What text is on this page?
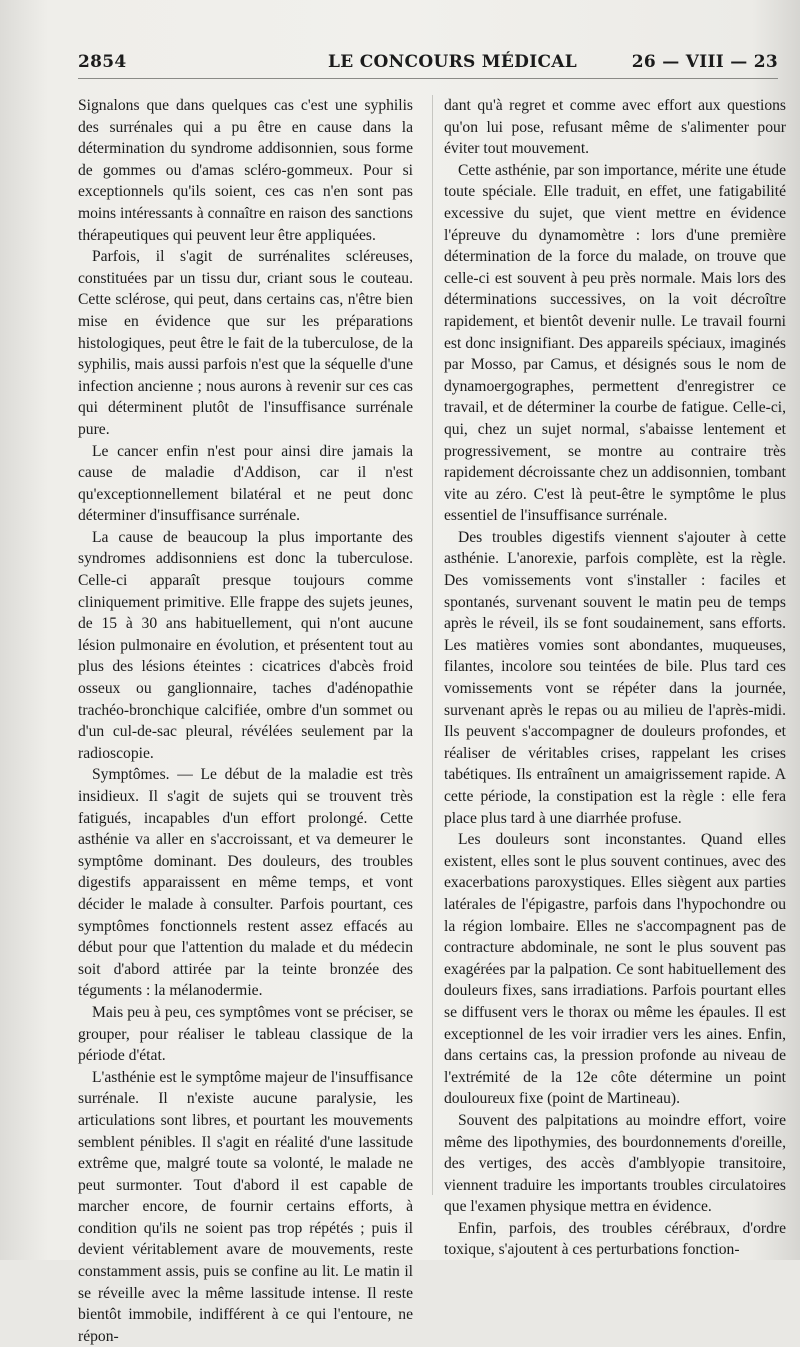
2854	LE CONCOURS MÉDICAL	26 — VIII — 23

Signalons que dans quelques cas c'est une syphilis des surrénales qui a pu être en cause dans la détermination du syndrome addisonnien, sous forme de gommes ou d'amas scléro-gommeux. Pour si exceptionnels qu'ils soient, ces cas n'en sont pas moins intéressants à connaître en raison des sanctions thérapeutiques qui peuvent leur être appliquées.

Parfois, il s'agit de surrénalites scléreuses, constituées par un tissu dur, criant sous le couteau. Cette sclérose, qui peut, dans certains cas, n'être bien mise en évidence que sur les préparations histologiques, peut être le fait de la tuberculose, de la syphilis, mais aussi parfois n'est que la séquelle d'une infection ancienne ; nous aurons à revenir sur ces cas qui déterminent plutôt de l'insuffisance surrénale pure.

Le cancer enfin n'est pour ainsi dire jamais la cause de maladie d'Addison, car il n'est qu'exceptionnellement bilatéral et ne peut donc déterminer d'insuffisance surrénale.

La cause de beaucoup la plus importante des syndromes addisonniens est donc la tuberculose. Celle-ci apparaît presque toujours comme cliniquement primitive. Elle frappe des sujets jeunes, de 15 à 30 ans habituellement, qui n'ont aucune lésion pulmonaire en évolution, et présentent tout au plus des lésions éteintes : cicatrices d'abcès froid osseux ou ganglionnaire, taches d'adénopathie trachéo-bronchique calcifiée, ombre d'un sommet ou d'un cul-de-sac pleural, révélées seulement par la radioscopie.

Symptômes. — Le début de la maladie est très insidieux. Il s'agit de sujets qui se trouvent très fatigués, incapables d'un effort prolongé. Cette asthénie va aller en s'accroissant, et va demeurer le symptôme dominant. Des douleurs, des troubles digestifs apparaissent en même temps, et vont décider le malade à consulter. Parfois pourtant, ces symptômes fonctionnels restent assez effacés au début pour que l'attention du malade et du médecin soit d'abord attirée par la teinte bronzée des téguments : la mélanodermie.

Mais peu à peu, ces symptômes vont se préciser, se grouper, pour réaliser le tableau classique de la période d'état.

L'asthénie est le symptôme majeur de l'insuffisance surrénale. Il n'existe aucune paralysie, les articulations sont libres, et pourtant les mouvements semblent pénibles. Il s'agit en réalité d'une lassitude extrême que, malgré toute sa volonté, le malade ne peut surmonter. Tout d'abord il est capable de marcher encore, de fournir certains efforts, à condition qu'ils ne soient pas trop répétés ; puis il devient véritablement avare de mouvements, reste constamment assis, puis se confine au lit. Le matin il se réveille avec la même lassitude intense. Il reste bientôt immobile, indifférent à ce qui l'entoure, ne répon-

dant qu'à regret et comme avec effort aux questions qu'on lui pose, refusant même de s'alimenter pour éviter tout mouvement.

Cette asthénie, par son importance, mérite une étude toute spéciale. Elle traduit, en effet, une fatigabilité excessive du sujet, que vient mettre en évidence l'épreuve du dynamomètre : lors d'une première détermination de la force du malade, on trouve que celle-ci est souvent à peu près normale. Mais lors des déterminations successives, on la voit décroître rapidement, et bientôt devenir nulle. Le travail fourni est donc insignifiant. Des appareils spéciaux, imaginés par Mosso, par Camus, et désignés sous le nom de dynamoergographes, permettent d'enregistrer ce travail, et de déterminer la courbe de fatigue. Celle-ci, qui, chez un sujet normal, s'abaisse lentement et progressivement, se montre au contraire très rapidement décroissante chez un addisonnien, tombant vite au zéro. C'est là peut-être le symptôme le plus essentiel de l'insuffisance surrénale.

Des troubles digestifs viennent s'ajouter à cette asthénie. L'anorexie, parfois complète, est la règle. Des vomissements vont s'installer : faciles et spontanés, survenant souvent le matin peu de temps après le réveil, ils se font soudainement, sans efforts. Les matières vomies sont abondantes, muqueuses, filantes, incolore sou teintées de bile. Plus tard ces vomissements vont se répéter dans la journée, survenant après le repas ou au milieu de l'après-midi. Ils peuvent s'accompagner de douleurs profondes, et réaliser de véritables crises, rappelant les crises tabétiques. Ils entraînent un amaigrissement rapide. A cette période, la constipation est la règle : elle fera place plus tard à une diarrhée profuse.

Les douleurs sont inconstantes. Quand elles existent, elles sont le plus souvent continues, avec des exacerbations paroxystiques. Elles siègent aux parties latérales de l'épigastre, parfois dans l'hypochondre ou la région lombaire. Elles ne s'accompagnent pas de contracture abdominale, ne sont le plus souvent pas exagérées par la palpation. Ce sont habituellement des douleurs fixes, sans irradiations. Parfois pourtant elles se diffusent vers le thorax ou même les épaules. Il est exceptionnel de les voir irradier vers les aines. Enfin, dans certains cas, la pression profonde au niveau de l'extrémité de la 12e côte détermine un point douloureux fixe (point de Martineau).

Souvent des palpitations au moindre effort, voire même des lipothymies, des bourdonnements d'oreille, des vertiges, des accès d'amblyopie transitoire, viennent traduire les importants troubles circulatoires que l'examen physique mettra en évidence.

Enfin, parfois, des troubles cérébraux, d'ordre toxique, s'ajoutent à ces perturbations fonction-
